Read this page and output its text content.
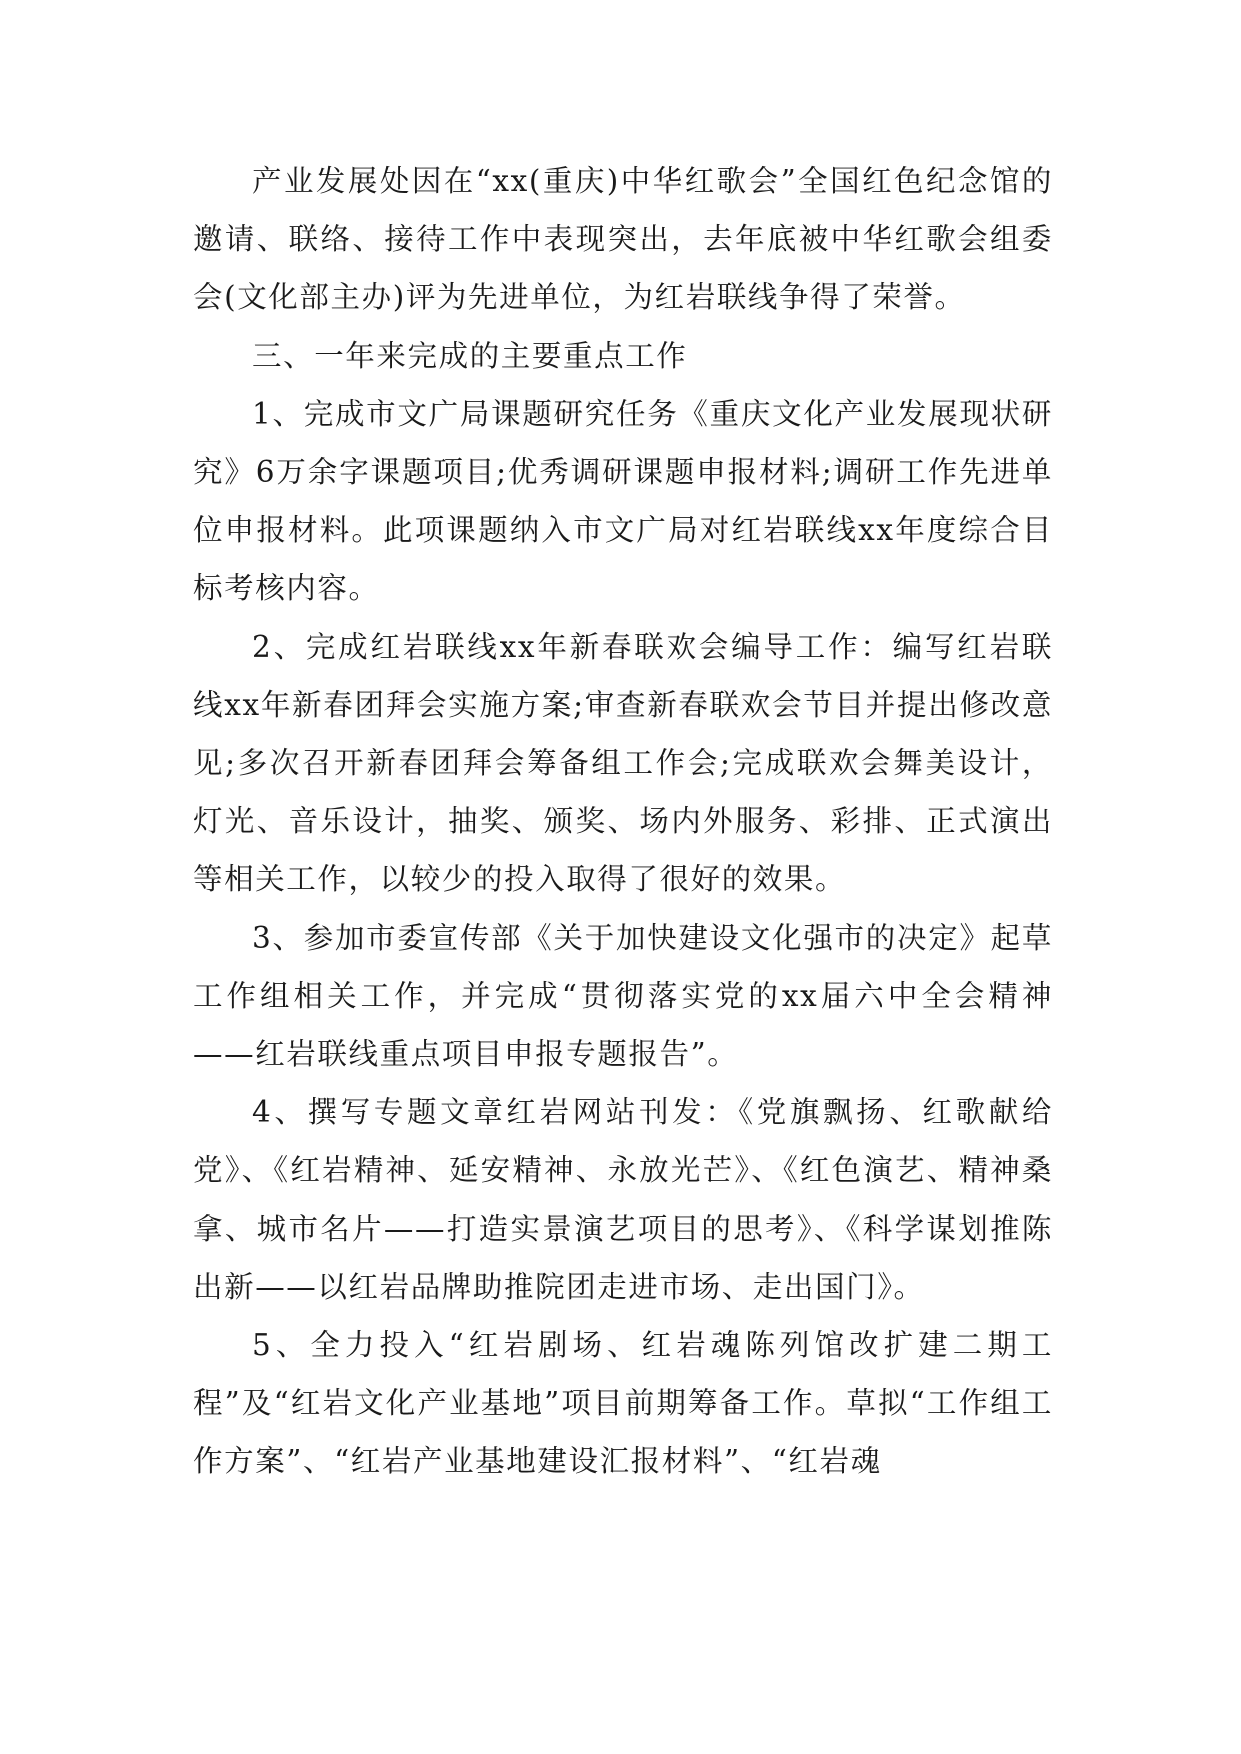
产业发展处因在“xx(重庆)中华红歌会”全国红色纪念馆的邀请、联络、接待工作中表现突出，去年底被中华红歌会组委会(文化部主办)评为先进单位，为红岩联线争得了荣誉。

三、一年来完成的主要重点工作

1、完成市文广局课题研究任务《重庆文化产业发展现状研究》6万余字课题项目;优秀调研课题申报材料;调研工作先进单位申报材料。此项课题纳入市文广局对红岩联线xx年度综合目标考核内容。

2、完成红岩联线xx年新春联欢会编导工作：编写红岩联线xx年新春团拜会实施方案;审查新春联欢会节目并提出修改意见;多次召开新春团拜会筹备组工作会;完成联欢会舞美设计，灯光、音乐设计，抽奖、颁奖、场内外服务、彩排、正式演出等相关工作，以较少的投入取得了很好的效果。

3、参加市委宣传部《关于加快建设文化强市的决定》起草工作组相关工作，并完成“贯彻落实党的xx届六中全会精神——红岩联线重点项目申报专题报告”。

4、撰写专题文章红岩网站刊发：《党旗飘扬、红歌献给党》、《红岩精神、延安精神、永放光芒》、《红色演艺、精神桑拿、城市名片——打造实景演艺项目的思考》、《科学谋划推陈出新——以红岩品牌助推院团走进市场、走出国门》。

5、全力投入“红岩剧场、红岩魂陈列馆改扩建二期工程”及“红岩文化产业基地”项目前期筹备工作。草拟“工作组工作方案”、“红岩产业基地建设汇报材料”、“红岩魂
